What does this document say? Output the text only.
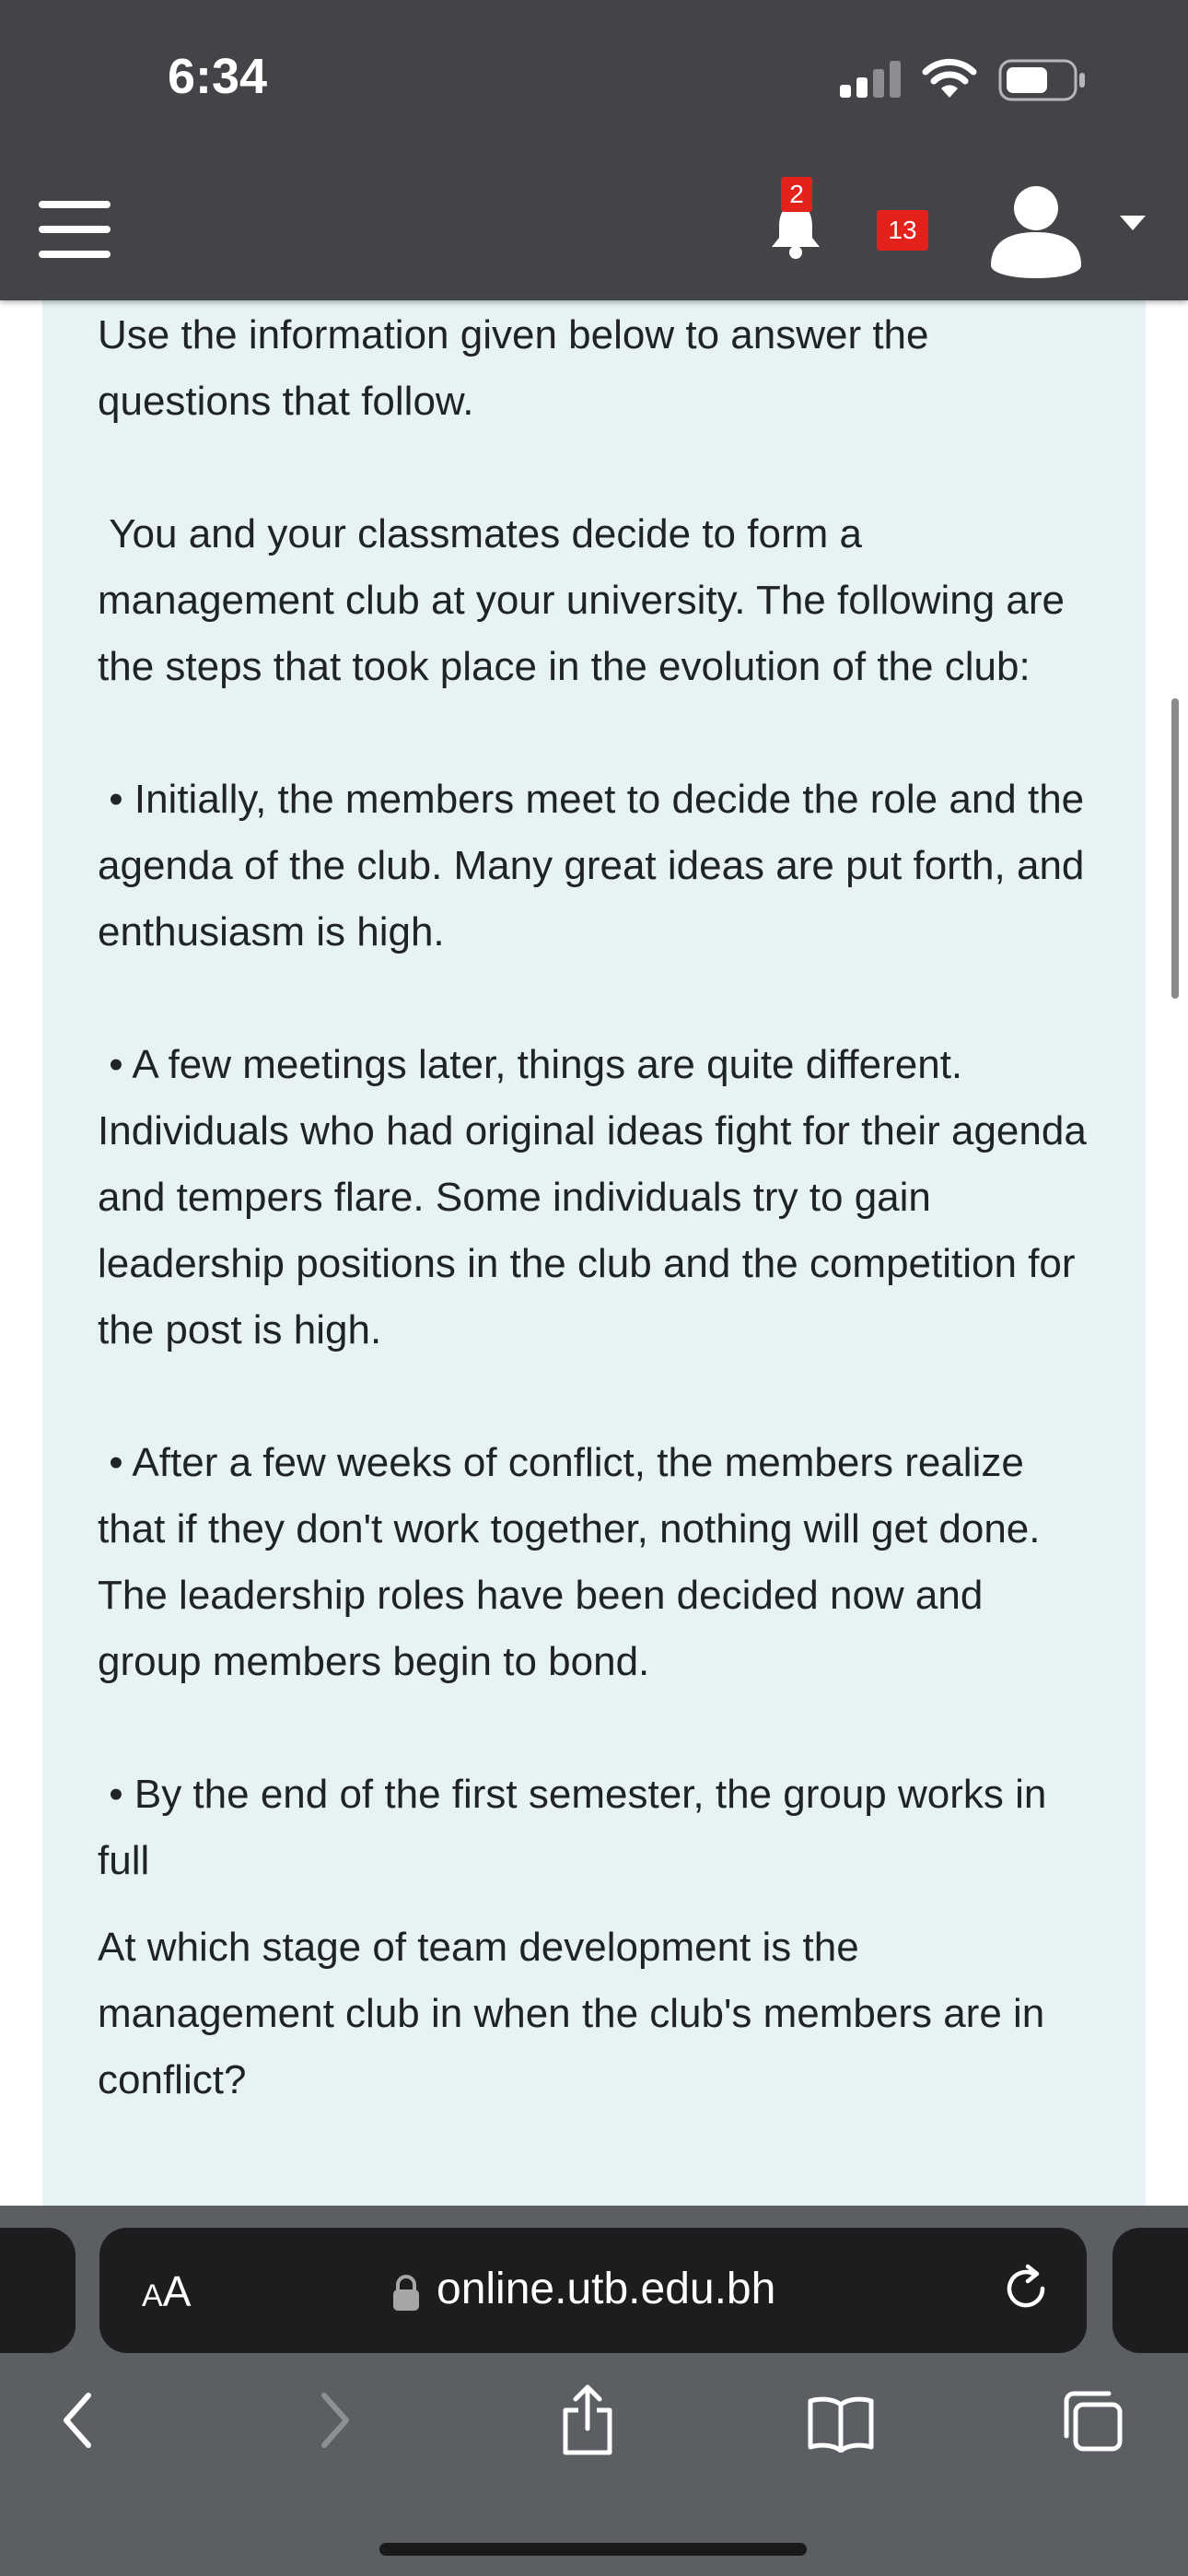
6:34
2
13

Use the information given below to answer the questions that follow.

You and your classmates decide to form a management club at your university. The following are the steps that took place in the evolution of the club:

• Initially, the members meet to decide the role and the agenda of the club. Many great ideas are put forth, and enthusiasm is high.

• A few meetings later, things are quite different. Individuals who had original ideas fight for their agenda and tempers flare. Some individuals try to gain leadership positions in the club and the competition for the post is high.

• After a few weeks of conflict, the members realize that if they don't work together, nothing will get done. The leadership roles have been decided now and group members begin to bond.

• By the end of the first semester, the group works in full

At which stage of team development is the management club in when the club's members are in conflict?

AA	online.utb.edu.bh
